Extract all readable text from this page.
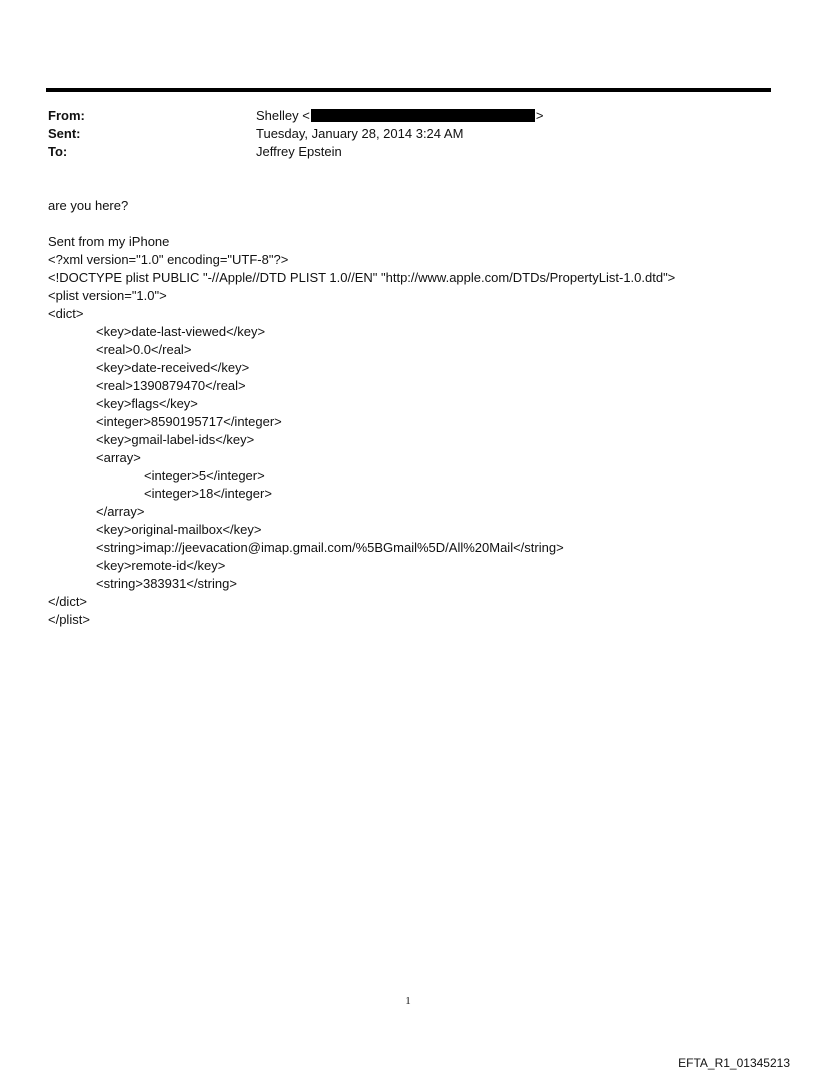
From:	Shelley <	>
Sent:	Tuesday, January 28, 2014 3:24 AM
To:	Jeffrey Epstein
are you here?
Sent from my iPhone
<?xml version="1.0" encoding="UTF-8"?>
<!DOCTYPE plist PUBLIC "-//Apple//DTD PLIST 1.0//EN" "http://www.apple.com/DTDs/PropertyList-1.0.dtd">
<plist version="1.0">
<dict>
<key>date-last-viewed</key>
<real>0.0</real>
<key>date-received</key>
<real>1390879470</real>
<key>flags</key>
<integer>8590195717</integer>
<key>gmail-label-ids</key>
<array>
<integer>5</integer>
<integer>18</integer>
</array>
<key>original-mailbox</key>
<string>imap://jeevacation@imap.gmail.com/%5BGmail%5D/All%20Mail</string>
<key>remote-id</key>
<string>383931</string>
</dict>
</plist>
1
EFTA_R1_01345213
